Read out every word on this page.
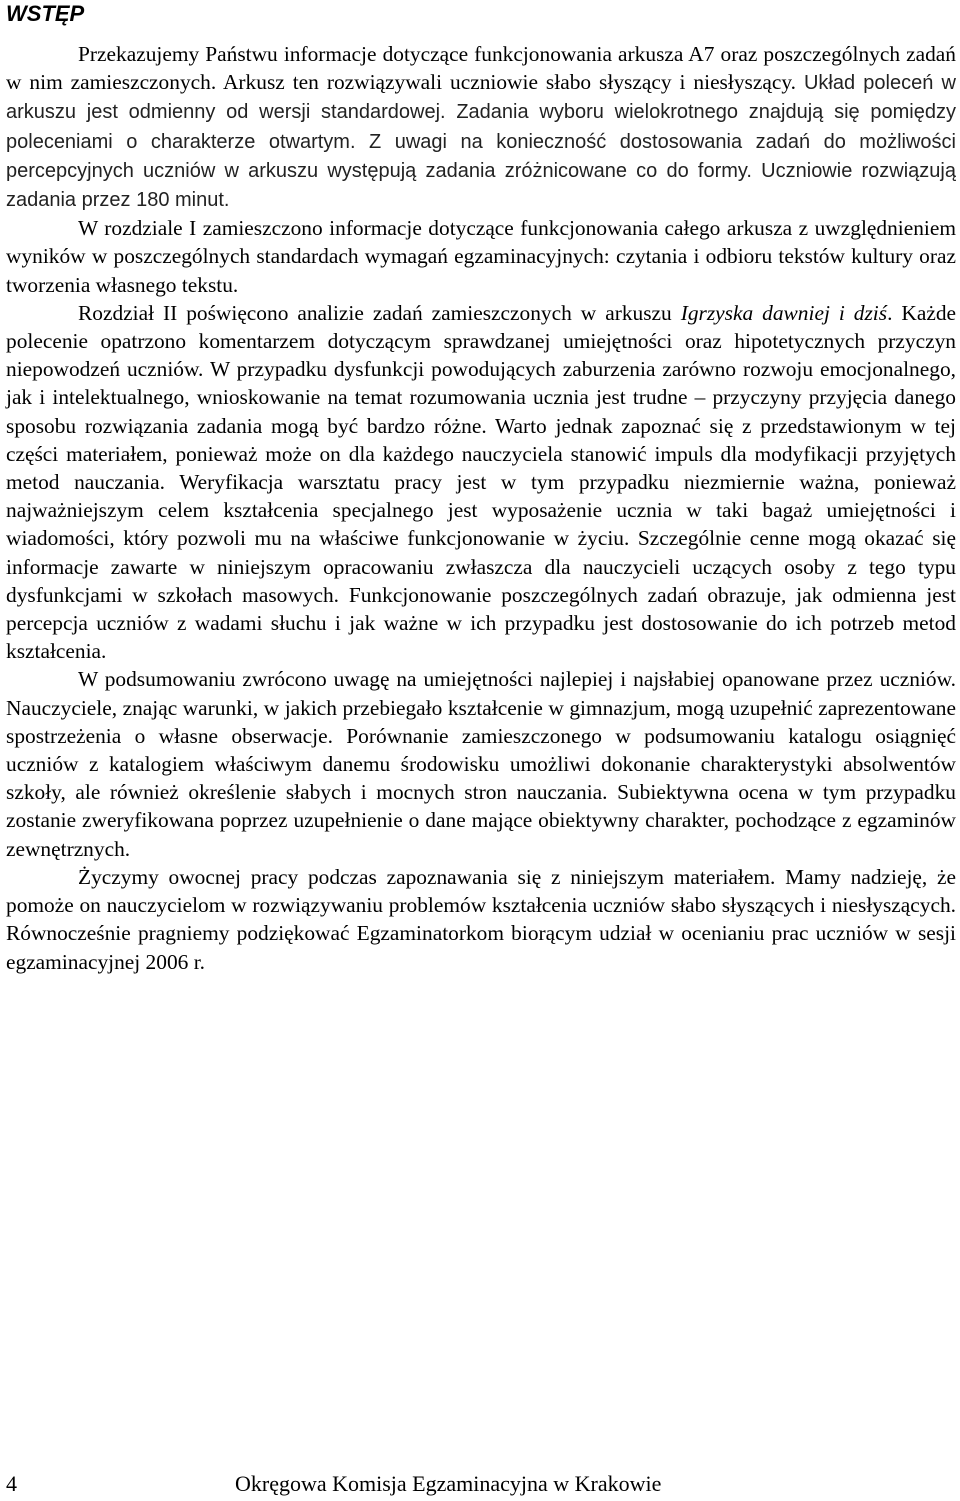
WSTĘP

Przekazujemy Państwu informacje dotyczące funkcjonowania arkusza A7 oraz poszczególnych zadań w nim zamieszczonych. Arkusz ten rozwiązywali uczniowie słabo słyszący i niesłyszący. Układ poleceń w arkuszu jest odmienny od wersji standardowej. Zadania wyboru wielokrotnego znajdują się pomiędzy poleceniami o charakterze otwartym. Z uwagi na konieczność dostosowania zadań do możliwości percepcyjnych uczniów w arkuszu występują zadania zróżnicowane co do formy. Uczniowie rozwiązują zadania przez 180 minut.

W rozdziale I zamieszczono informacje dotyczące funkcjonowania całego arkusza z uwzględnieniem wyników w poszczególnych standardach wymagań egzaminacyjnych: czytania i odbioru tekstów kultury oraz tworzenia własnego tekstu.

Rozdział II poświęcono analizie zadań zamieszczonych w arkuszu Igrzyska dawniej i dziś. Każde polecenie opatrzono komentarzem dotyczącym sprawdzanej umiejętności oraz hipotetycznych przyczyn niepowodzeń uczniów. W przypadku dysfunkcji powodujących zaburzenia zarówno rozwoju emocjonalnego, jak i intelektualnego, wnioskowanie na temat rozumowania ucznia jest trudne – przyczyny przyjęcia danego sposobu rozwiązania zadania mogą być bardzo różne. Warto jednak zapoznać się z przedstawionym w tej części materiałem, ponieważ może on dla każdego nauczyciela stanowić impuls dla modyfikacji przyjętych metod nauczania. Weryfikacja warsztatu pracy jest w tym przypadku niezmiernie ważna, ponieważ najważniejszym celem kształcenia specjalnego jest wyposażenie ucznia w taki bagaż umiejętności i wiadomości, który pozwoli mu na właściwe funkcjonowanie w życiu. Szczególnie cenne mogą okazać się informacje zawarte w niniejszym opracowaniu zwłaszcza dla nauczycieli uczących osoby z tego typu dysfunkcjami w szkołach masowych. Funkcjonowanie poszczególnych zadań obrazuje, jak odmienna jest percepcja uczniów z wadami słuchu i jak ważne w ich przypadku jest dostosowanie do ich potrzeb metod kształcenia.

W podsumowaniu zwrócono uwagę na umiejętności najlepiej i najsłabiej opanowane przez uczniów. Nauczyciele, znając warunki, w jakich przebiegało kształcenie w gimnazjum, mogą uzupełnić zaprezentowane spostrzeżenia o własne obserwacje. Porównanie zamieszczonego w podsumowaniu katalogu osiągnięć uczniów z katalogiem właściwym danemu środowisku umożliwi dokonanie charakterystyki absolwentów szkoły, ale również określenie słabych i mocnych stron nauczania. Subiektywna ocena w tym przypadku zostanie zweryfikowana poprzez uzupełnienie o dane mające obiektywny charakter, pochodzące z egzaminów zewnętrznych.

Życzymy owocnej pracy podczas zapoznawania się z niniejszym materiałem. Mamy nadzieję, że pomoże on nauczycielom w rozwiązywaniu problemów kształcenia uczniów słabo słyszących i niesłyszących. Równocześnie pragniemy podziękować Egzaminatorkom biorącym udział w ocenianiu prac uczniów w sesji egzaminacyjnej 2006 r.

4	Okręgowa Komisja Egzaminacyjna w Krakowie
